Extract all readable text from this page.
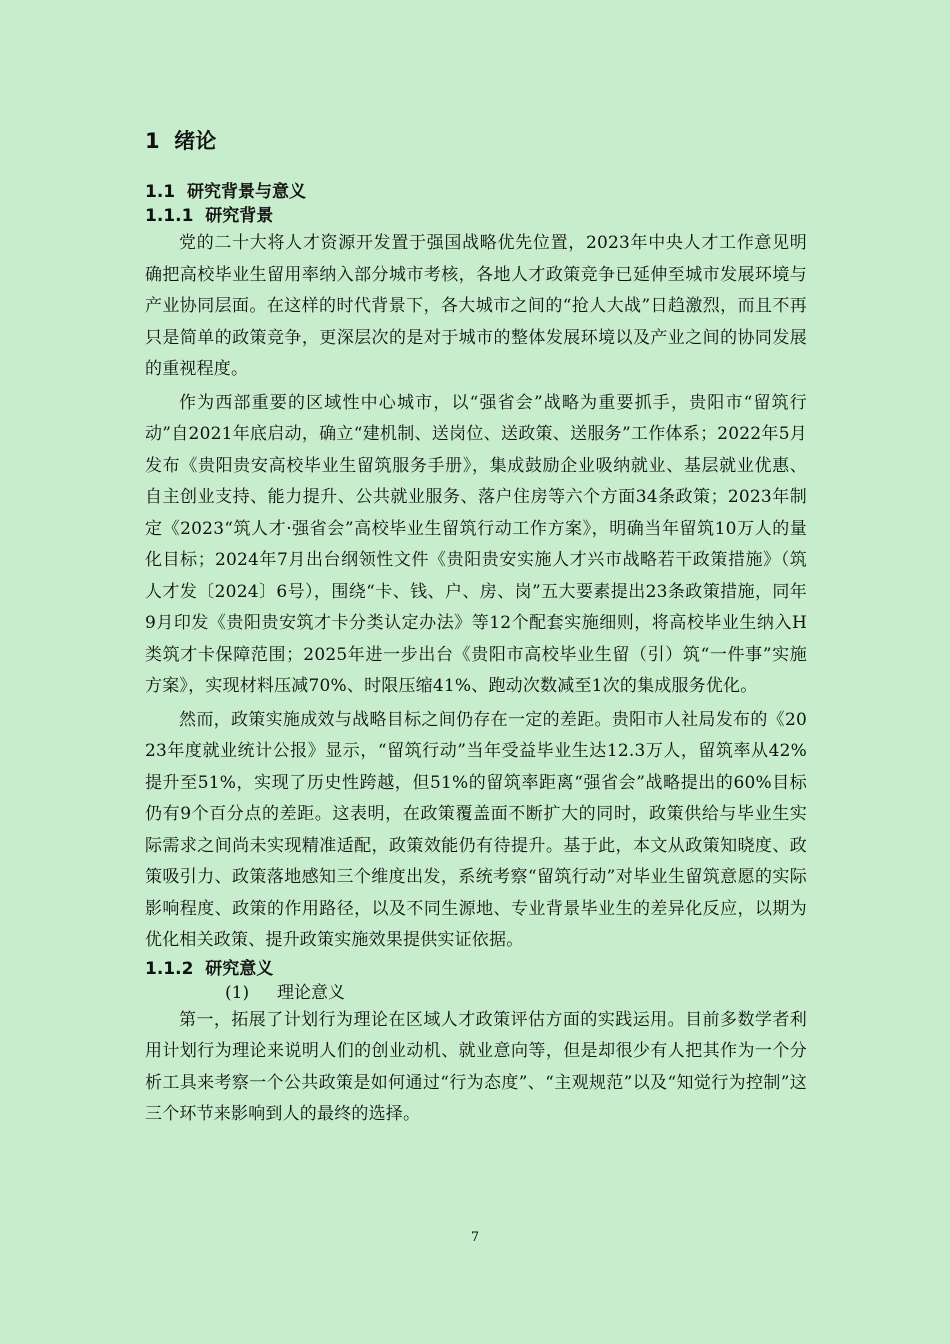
1 绪论
1.1 研究背景与意义
1.1.1 研究背景

党的二十大将人才资源开发置于强国战略优先位置，2023年中央人才工作意见明确把高校毕业生留用率纳入部分城市考核，各地人才政策竞争已延伸至城市发展环境与产业协同层面。在这样的时代背景下，各大城市之间的“抢人大战”日趋激烈，而且不再只是简单的政策竞争，更深层次的是对于城市的整体发展环境以及产业之间的协同发展的重视程度。

作为西部重要的区域性中心城市，以“强省会”战略为重要抓手，贵阳市“留筑行动”自2021年底启动，确立“建机制、送岗位、送政策、送服务”工作体系；2022年5月发布《贵阳贵安高校毕业生留筑服务手册》，集成鼓励企业吸纳就业、基层就业优惠、自主创业支持、能力提升、公共就业服务、落户住房等六个方面34条政策；2023年制定《2023“筑人才·强省会”高校毕业生留筑行动工作方案》，明确当年留筑10万人的量化目标；2024年7月出台纲领性文件《贵阳贵安实施人才兴市战略若干政策措施》（筑人才发〔2024〕6号），围绕“卡、钱、户、房、岗”五大要素提出23条政策措施，同年9月印发《贵阳贵安筑才卡分类认定办法》等12个配套实施细则，将高校毕业生纳入H类筑才卡保障范围；2025年进一步出台《贵阳市高校毕业生留（引）筑“一件事”实施方案》，实现材料压减70%、时限压缩41%、跑动次数减至1次的集成服务优化。

然而，政策实施成效与战略目标之间仍存在一定的差距。贵阳市人社局发布的《2023年度就业统计公报》显示，“留筑行动”当年受益毕业生达12.3万人，留筑率从42%提升至51%，实现了历史性跨越，但51%的留筑率距离“强省会”战略提出的60%目标仍有9个百分点的差距。这表明，在政策覆盖面不断扩大的同时，政策供给与毕业生实际需求之间尚未实现精准适配，政策效能仍有待提升。基于此，本文从政策知晓度、政策吸引力、政策落地感知三个维度出发，系统考察“留筑行动”对毕业生留筑意愿的实际影响程度、政策的作用路径，以及不同生源地、专业背景毕业生的差异化反应，以期为优化相关政策、提升政策实施效果提供实证依据。

1.1.2 研究意义

(1) 理论意义

第一，拓展了计划行为理论在区域人才政策评估方面的实践运用。目前多数学者利用计划行为理论来说明人们的创业动机、就业意向等，但是却很少有人把其作为一个分析工具来考察一个公共政策是如何通过“行为态度”、“主观规范”以及“知觉行为控制”这三个环节来影响到人的最终的选择。

7
